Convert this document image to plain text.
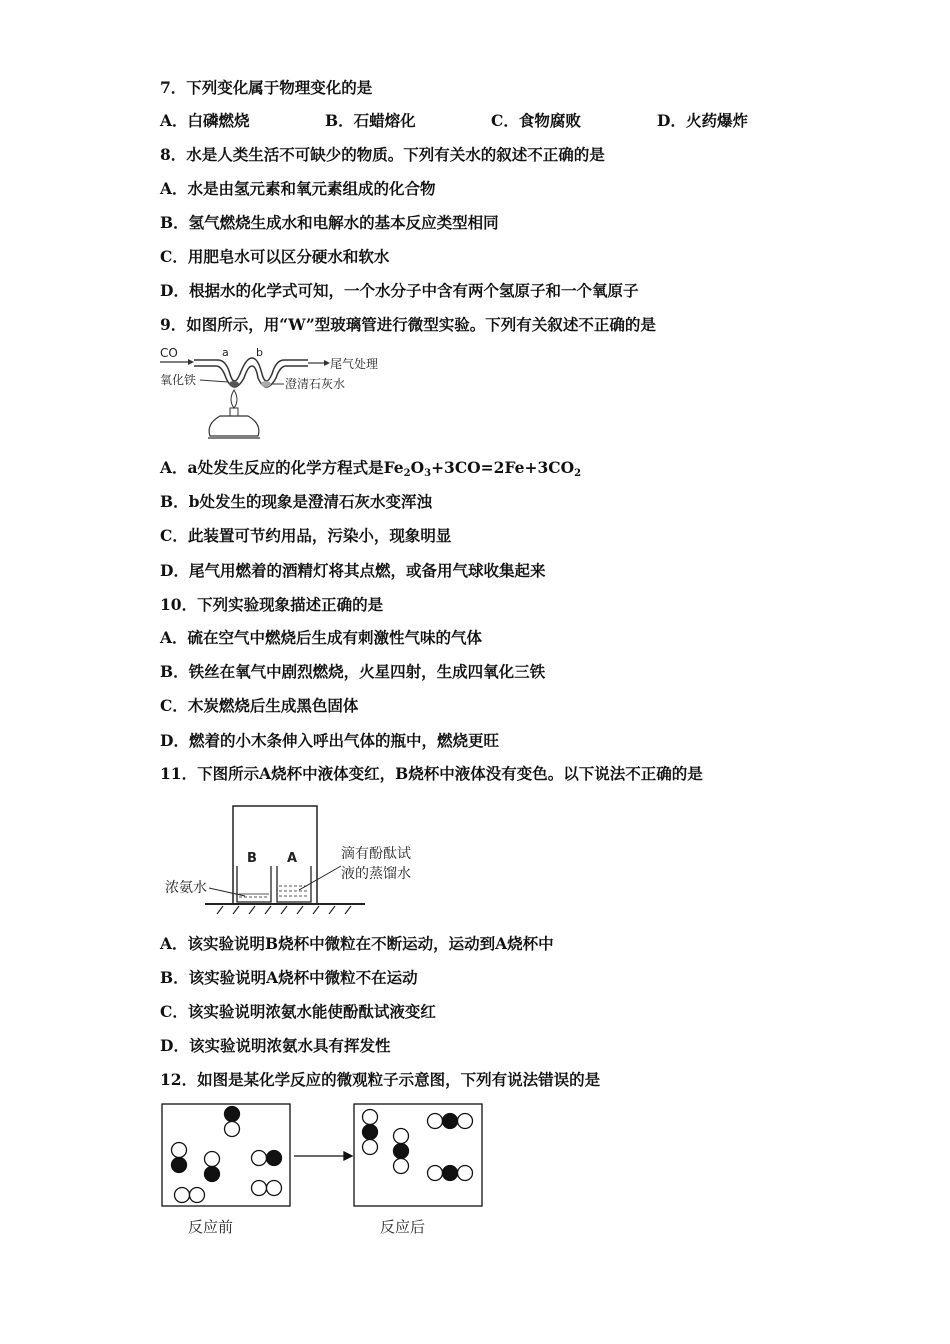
7．下列变化属于物理变化的是
A．白磷燃烧	B．石蜡熔化	C．食物腐败	D．火药爆炸
8．水是人类生活不可缺少的物质。下列有关水的叙述不正确的是
A．水是由氢元素和氧元素组成的化合物
B．氢气燃烧生成水和电解水的基本反应类型相同
C．用肥皂水可以区分硬水和软水
D．根据水的化学式可知，一个水分子中含有两个氢原子和一个氧原子
9．如图所示，用“W”型玻璃管进行微型实验。下列有关叙述不正确的是
CO	a b
尾气处理
氧化铁	澄清石灰水
A．a处发生反应的化学方程式是$Fe_2O_3+3CO=2Fe+3CO_2$
B．b处发生的现象是澄清石灰水变浑浊
C．此装置可节约用品，污染小，现象明显
D．尾气用燃着的酒精灯将其点燃，或备用气球收集起来
10．下列实验现象描述正确的是
A．硫在空气中燃烧后生成有刺激性气味的气体
B．铁丝在氧气中剧烈燃烧，火星四射，生成四氧化三铁
C．木炭燃烧后生成黑色固体
D．燃着的小木条伸入呼出气体的瓶中，燃烧更旺
11．下图所示A烧杯中液体变红，B烧杯中液体没有变色。以下说法不正确的是
B A
浓氨水
滴有酚酞试
液的蒸馏水
A．该实验说明B烧杯中微粒在不断运动，运动到A烧杯中
B．该实验说明A烧杯中微粒不在运动
C．该实验说明浓氨水能使酚酞试液变红
D．该实验说明浓氨水具有挥发性
12．如图是某化学反应的微观粒子示意图，下列有说法错误的是
反应前	反应后
